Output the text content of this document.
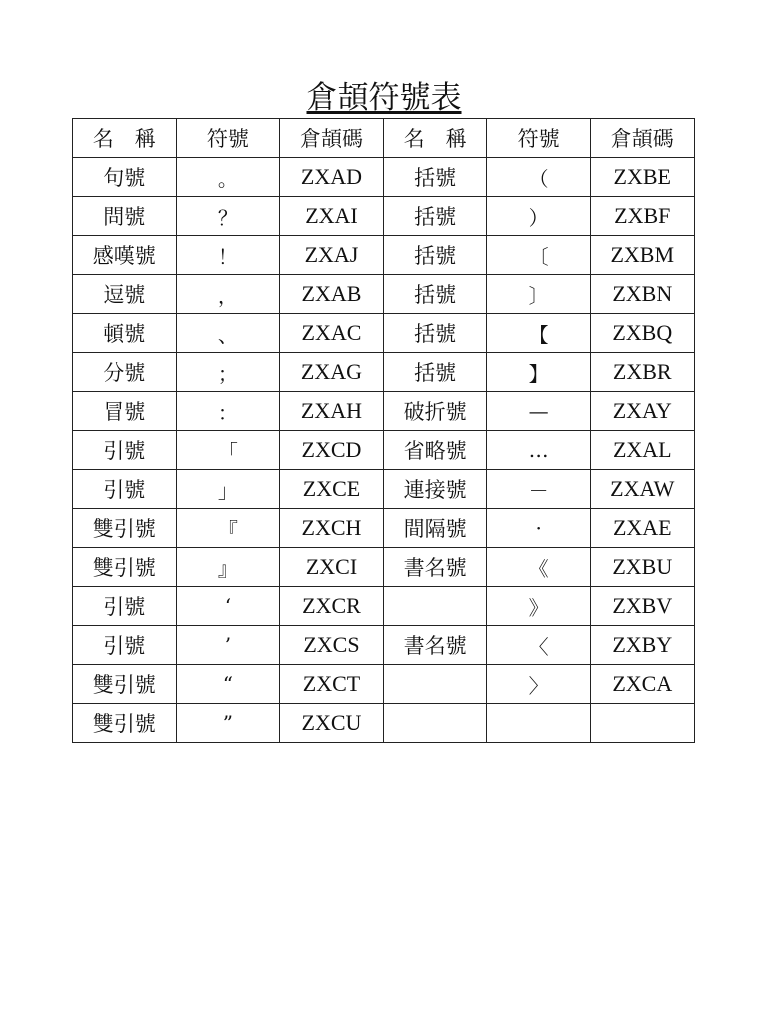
倉頡符號表
名　稱	符號	倉頡碼	名　稱	符號	倉頡碼
句號	。	ZXAD	括號	（	ZXBE
問號	？	ZXAI	括號	）	ZXBF
感嘆號	！	ZXAJ	括號	〔	ZXBM
逗號	，	ZXAB	括號	〕	ZXBN
頓號	、	ZXAC	括號	【	ZXBQ
分號	；	ZXAG	括號	】	ZXBR
冒號	：	ZXAH	破折號	—	ZXAY
引號	「	ZXCD	省略號	…	ZXAL
引號	」	ZXCE	連接號	－	ZXAW
雙引號	『	ZXCH	間隔號	·	ZXAE
雙引號	』	ZXCI	書名號	《	ZXBU
引號	‘	ZXCR		》	ZXBV
引號	’	ZXCS	書名號	〈	ZXBY
雙引號	“	ZXCT		〉	ZXCA
雙引號	”	ZXCU			
